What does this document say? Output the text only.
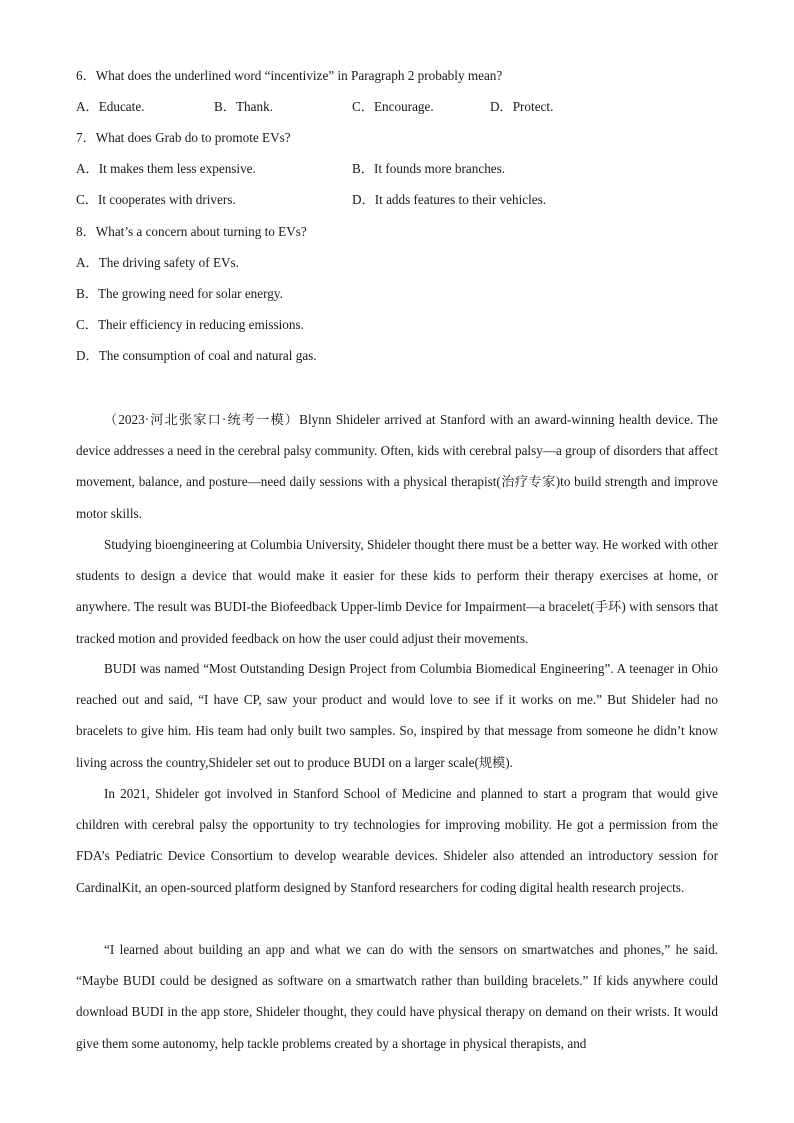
6．What does the underlined word “incentivize” in Paragraph 2 probably mean?
A．Educate.	B．Thank.	C．Encourage.	D．Protect.
7．What does Grab do to promote EVs?
A．It makes them less expensive.	B．It founds more branches.
C．It cooperates with drivers.	D．It adds features to their vehicles.
8．What’s a concern about turning to EVs?
A．The driving safety of EVs.
B．The growing need for solar energy.
C．Their efficiency in reducing emissions.
D．The consumption of coal and natural gas.

（2023·河北张家口·统考一模）Blynn Shideler arrived at Stanford with an award-winning health device. The device addresses a need in the cerebral palsy community. Often, kids with cerebral palsy—a group of disorders that affect movement, balance, and posture—need daily sessions with a physical therapist(治疗专家)to build strength and improve motor skills.

Studying bioengineering at Columbia University, Shideler thought there must be a better way. He worked with other students to design a device that would make it easier for these kids to perform their therapy exercises at home, or anywhere. The result was BUDI-the Biofeedback Upper-limb Device for Impairment—a bracelet(手环) with sensors that tracked motion and provided feedback on how the user could adjust their movements.

BUDI was named “Most Outstanding Design Project from Columbia Biomedical Engineering”. A teenager in Ohio reached out and said, “I have CP, saw your product and would love to see if it works on me.” But Shideler had no bracelets to give him. His team had only built two samples. So, inspired by that message from someone he didn’t know living across the country,Shideler set out to produce BUDI on a larger scale(规模).

In 2021, Shideler got involved in Stanford School of Medicine and planned to start a program that would give children with cerebral palsy the opportunity to try technologies for improving mobility. He got a permission from the FDA’s Pediatric Device Consortium to develop wearable devices. Shideler also attended an introductory session for CardinalKit, an open-sourced platform designed by Stanford researchers for coding digital health research projects.

“I learned about building an app and what we can do with the sensors on smartwatches and phones,” he said. “Maybe BUDI could be designed as software on a smartwatch rather than building bracelets.” If kids anywhere could download BUDI in the app store, Shideler thought, they could have physical therapy on demand on their wrists. It would give them some autonomy, help tackle problems created by a shortage in physical therapists, and
